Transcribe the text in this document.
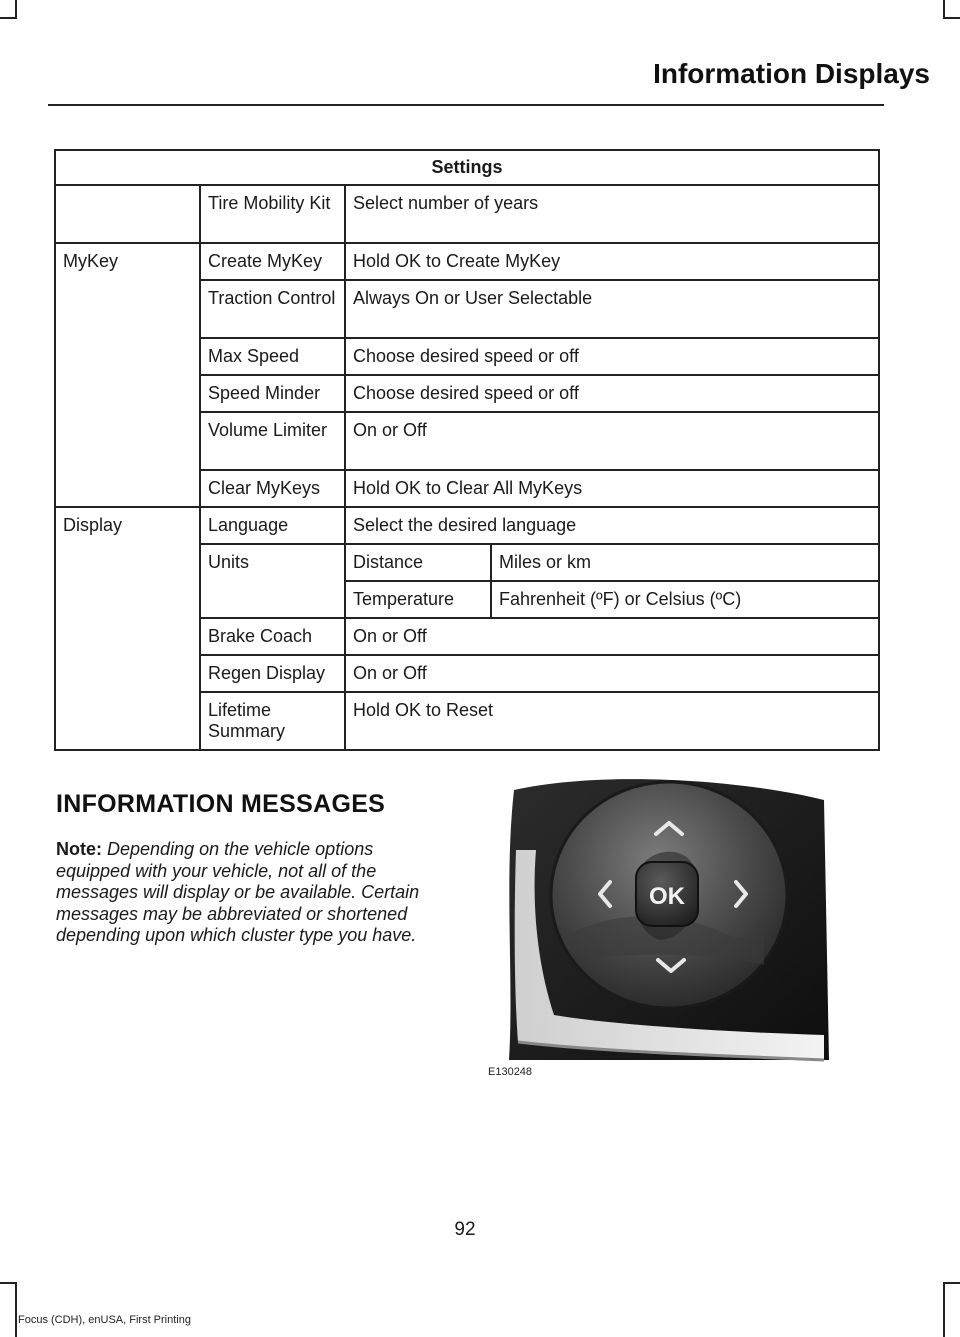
Information Displays
Settings			
	Tire Mobility Kit	Select number of years	
MyKey	Create MyKey	Hold OK to Create MyKey	
	Traction Control	Always On or User Selectable	
	Max Speed	Choose desired speed or off	
	Speed Minder	Choose desired speed or off	
	Volume Limiter	On or Off	
	Clear MyKeys	Hold OK to Clear All MyKeys	
Display	Language	Select the desired language	
	Units	Distance	Miles or km
		Temperature	Fahrenheit (ºF) or Celsius (ºC)
	Brake Coach	On or Off	
	Regen Display	On or Off	
	Lifetime Summary	Hold OK to Reset	
INFORMATION MESSAGES

Note: Depending on the vehicle options equipped with your vehicle, not all of the messages will display or be available. Certain messages may be abbreviated or shortened depending upon which cluster type you have.

OK
E130248
92
Focus (CDH), enUSA, First Printing
